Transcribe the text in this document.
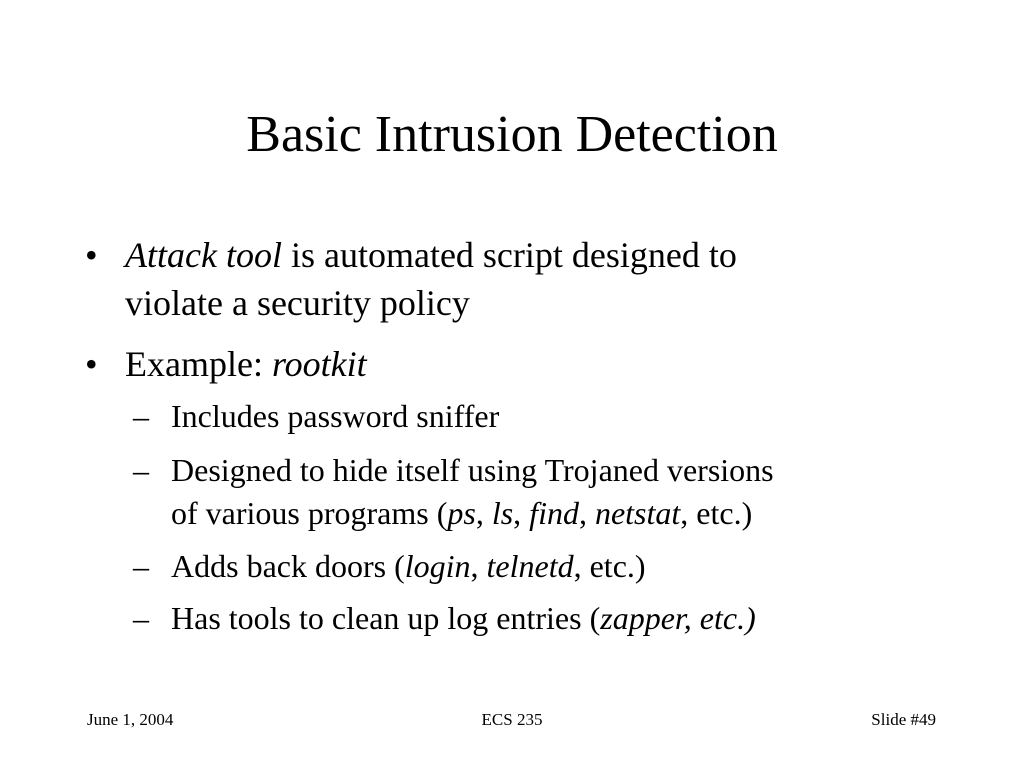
Basic Intrusion Detection
• Attack tool is automated script designed to
violate a security policy
• Example: rootkit
– Includes password sniffer
– Designed to hide itself using Trojaned versions
of various programs (ps, ls, find, netstat, etc.)
– Adds back doors (login, telnetd, etc.)
– Has tools to clean up log entries (zapper, etc.)
June 1, 2004	ECS 235	Slide #49
